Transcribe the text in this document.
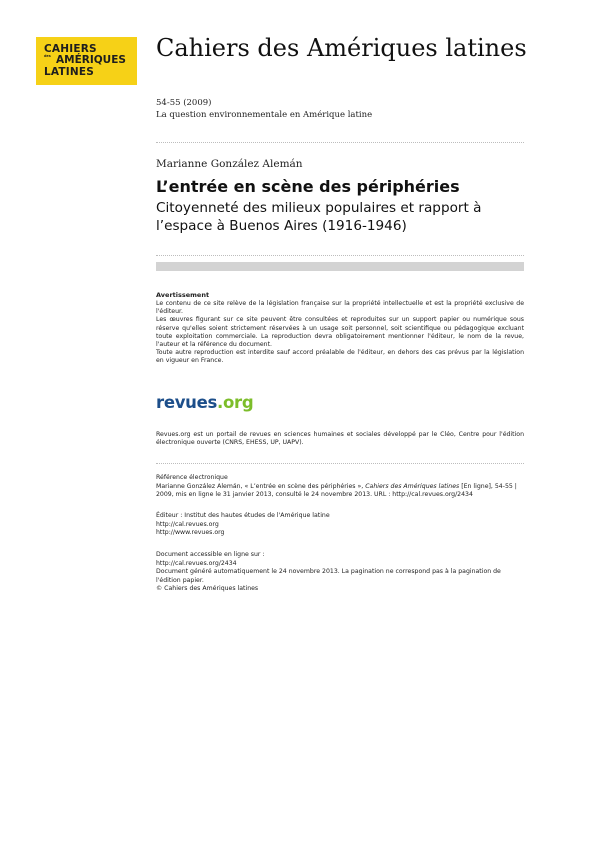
CAHIERS
des AMÉRIQUES
LATINES
Cahiers des Amériques latines
54-55 (2009)
La question environnementale en Amérique latine
Marianne González Alemán
L’entrée en scène des périphéries
Citoyenneté des milieux populaires et rapport à l’espace à Buenos Aires (1916-1946)
Avertissement

Le contenu de ce site relève de la législation française sur la propriété intellectuelle et est la propriété exclusive de l'éditeur.

Les œuvres figurant sur ce site peuvent être consultées et reproduites sur un support papier ou numérique sous réserve qu'elles soient strictement réservées à un usage soit personnel, soit scientifique ou pédagogique excluant toute exploitation commerciale. La reproduction devra obligatoirement mentionner l'éditeur, le nom de la revue, l'auteur et la référence du document.

Toute autre reproduction est interdite sauf accord préalable de l'éditeur, en dehors des cas prévus par la législation en vigueur en France.

revues.org
Revues.org est un portail de revues en sciences humaines et sociales développé par le Cléo, Centre pour l'édition électronique ouverte (CNRS, EHESS, UP, UAPV).
Référence électronique
Marianne González Alemán, « L’entrée en scène des périphéries », Cahiers des Amériques latines [En ligne], 54-55 | 2009, mis en ligne le 31 janvier 2013, consulté le 24 novembre 2013. URL : http://cal.revues.org/2434
Éditeur : Institut des hautes études de l'Amérique latine
http://cal.revues.org
http://www.revues.org
Document accessible en ligne sur :
http://cal.revues.org/2434
Document généré automatiquement le 24 novembre 2013. La pagination ne correspond pas à la pagination de l'édition papier.
© Cahiers des Amériques latines
